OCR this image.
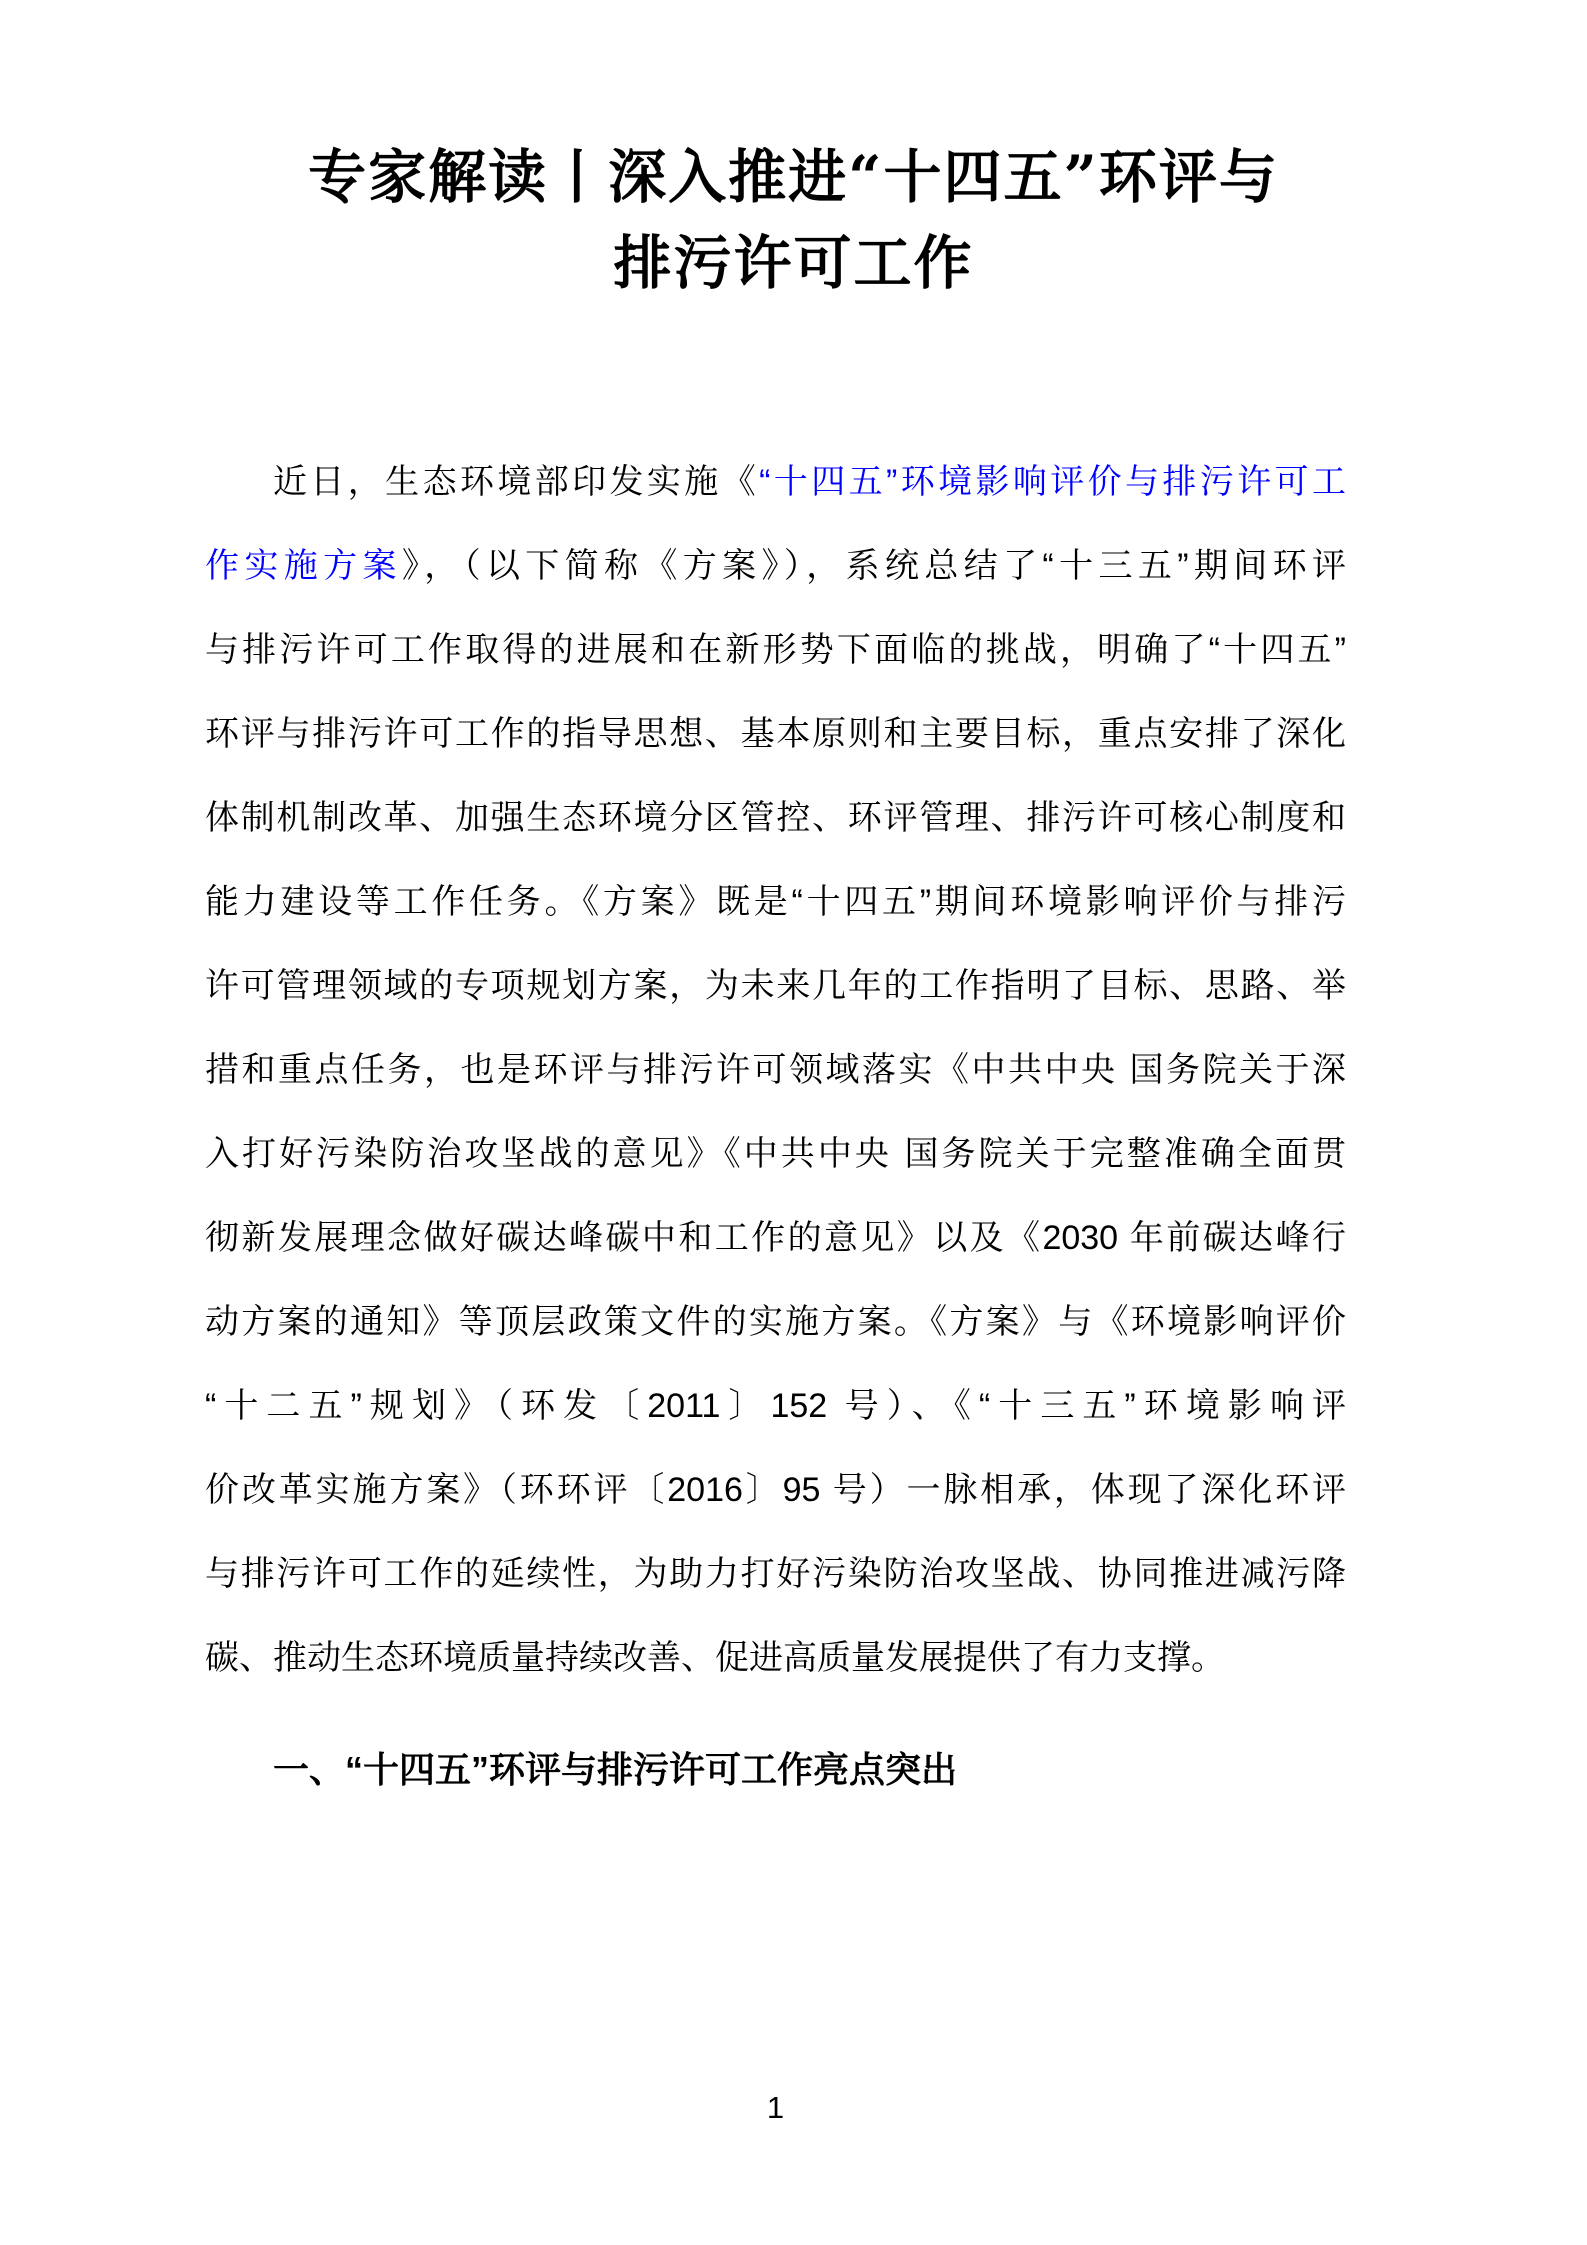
专家解读丨深入推进“十四五”环评与
排污许可工作
近日，生态环境部印发实施《“十四五”环境影响评价与排污许可工
作实施方案》，（以下简称《方案》），系统总结了“十三五”期间环评
与排污许可工作取得的进展和在新形势下面临的挑战，明确了“十四五”
环评与排污许可工作的指导思想、基本原则和主要目标，重点安排了深化
体制机制改革、加强生态环境分区管控、环评管理、排污许可核心制度和
能力建设等工作任务。《方案》既是“十四五”期间环境影响评价与排污
许可管理领域的专项规划方案，为未来几年的工作指明了目标、思路、举
措和重点任务，也是环评与排污许可领域落实《中共中央 国务院关于深
入打好污染防治攻坚战的意见》《中共中央 国务院关于完整准确全面贯
彻新发展理念做好碳达峰碳中和工作的意见》以及《2030 年前碳达峰行
动方案的通知》等顶层政策文件的实施方案。《方案》与《环境影响评价
“十二五”规划》（环发〔2011〕152 号）、《“十三五”环境影响评
价改革实施方案》（环环评〔2016〕95 号）一脉相承，体现了深化环评
与排污许可工作的延续性，为助力打好污染防治攻坚战、协同推进减污降
碳、推动生态环境质量持续改善、促进高质量发展提供了有力支撑。
一、“十四五”环评与排污许可工作亮点突出
1
